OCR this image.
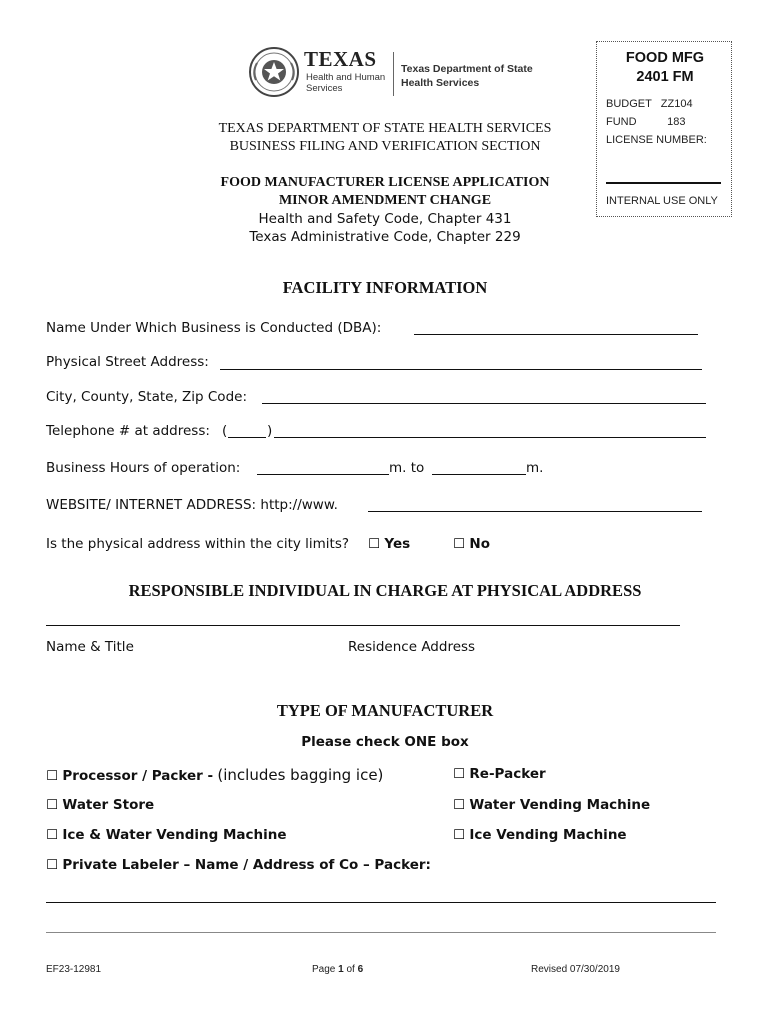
TEXAS
Health and Human
Services
Texas Department of State
Health Services
FOOD MFG
2401 FM
BUDGET   ZZ104
FUND          183
LICENSE NUMBER:
INTERNAL USE ONLY
TEXAS DEPARTMENT OF STATE HEALTH SERVICES
BUSINESS FILING AND VERIFICATION SECTION
FOOD MANUFACTURER LICENSE APPLICATION
MINOR AMENDMENT CHANGE
Health and Safety Code, Chapter 431
Texas Administrative Code, Chapter 229
FACILITY INFORMATION
Name Under Which Business is Conducted (DBA):
Physical Street Address:
City, County, State, Zip Code:
Telephone # at address: (	)
Business Hours of operation:	m. to	m.
WEBSITE/ INTERNET ADDRESS: http://www.
Is the physical address within the city limits? ☐ Yes	☐ No
RESPONSIBLE INDIVIDUAL IN CHARGE AT PHYSICAL ADDRESS
Name & Title	Residence Address
TYPE OF MANUFACTURER
Please check ONE box
☐ Processor / Packer - (includes bagging ice)	☐ Re-Packer
☐ Water Store	☐ Water Vending Machine
☐ Ice & Water Vending Machine	☐ Ice Vending Machine
☐ Private Labeler – Name / Address of Co – Packer:
EF23-12981	Page 1 of 6	Revised 07/30/2019
